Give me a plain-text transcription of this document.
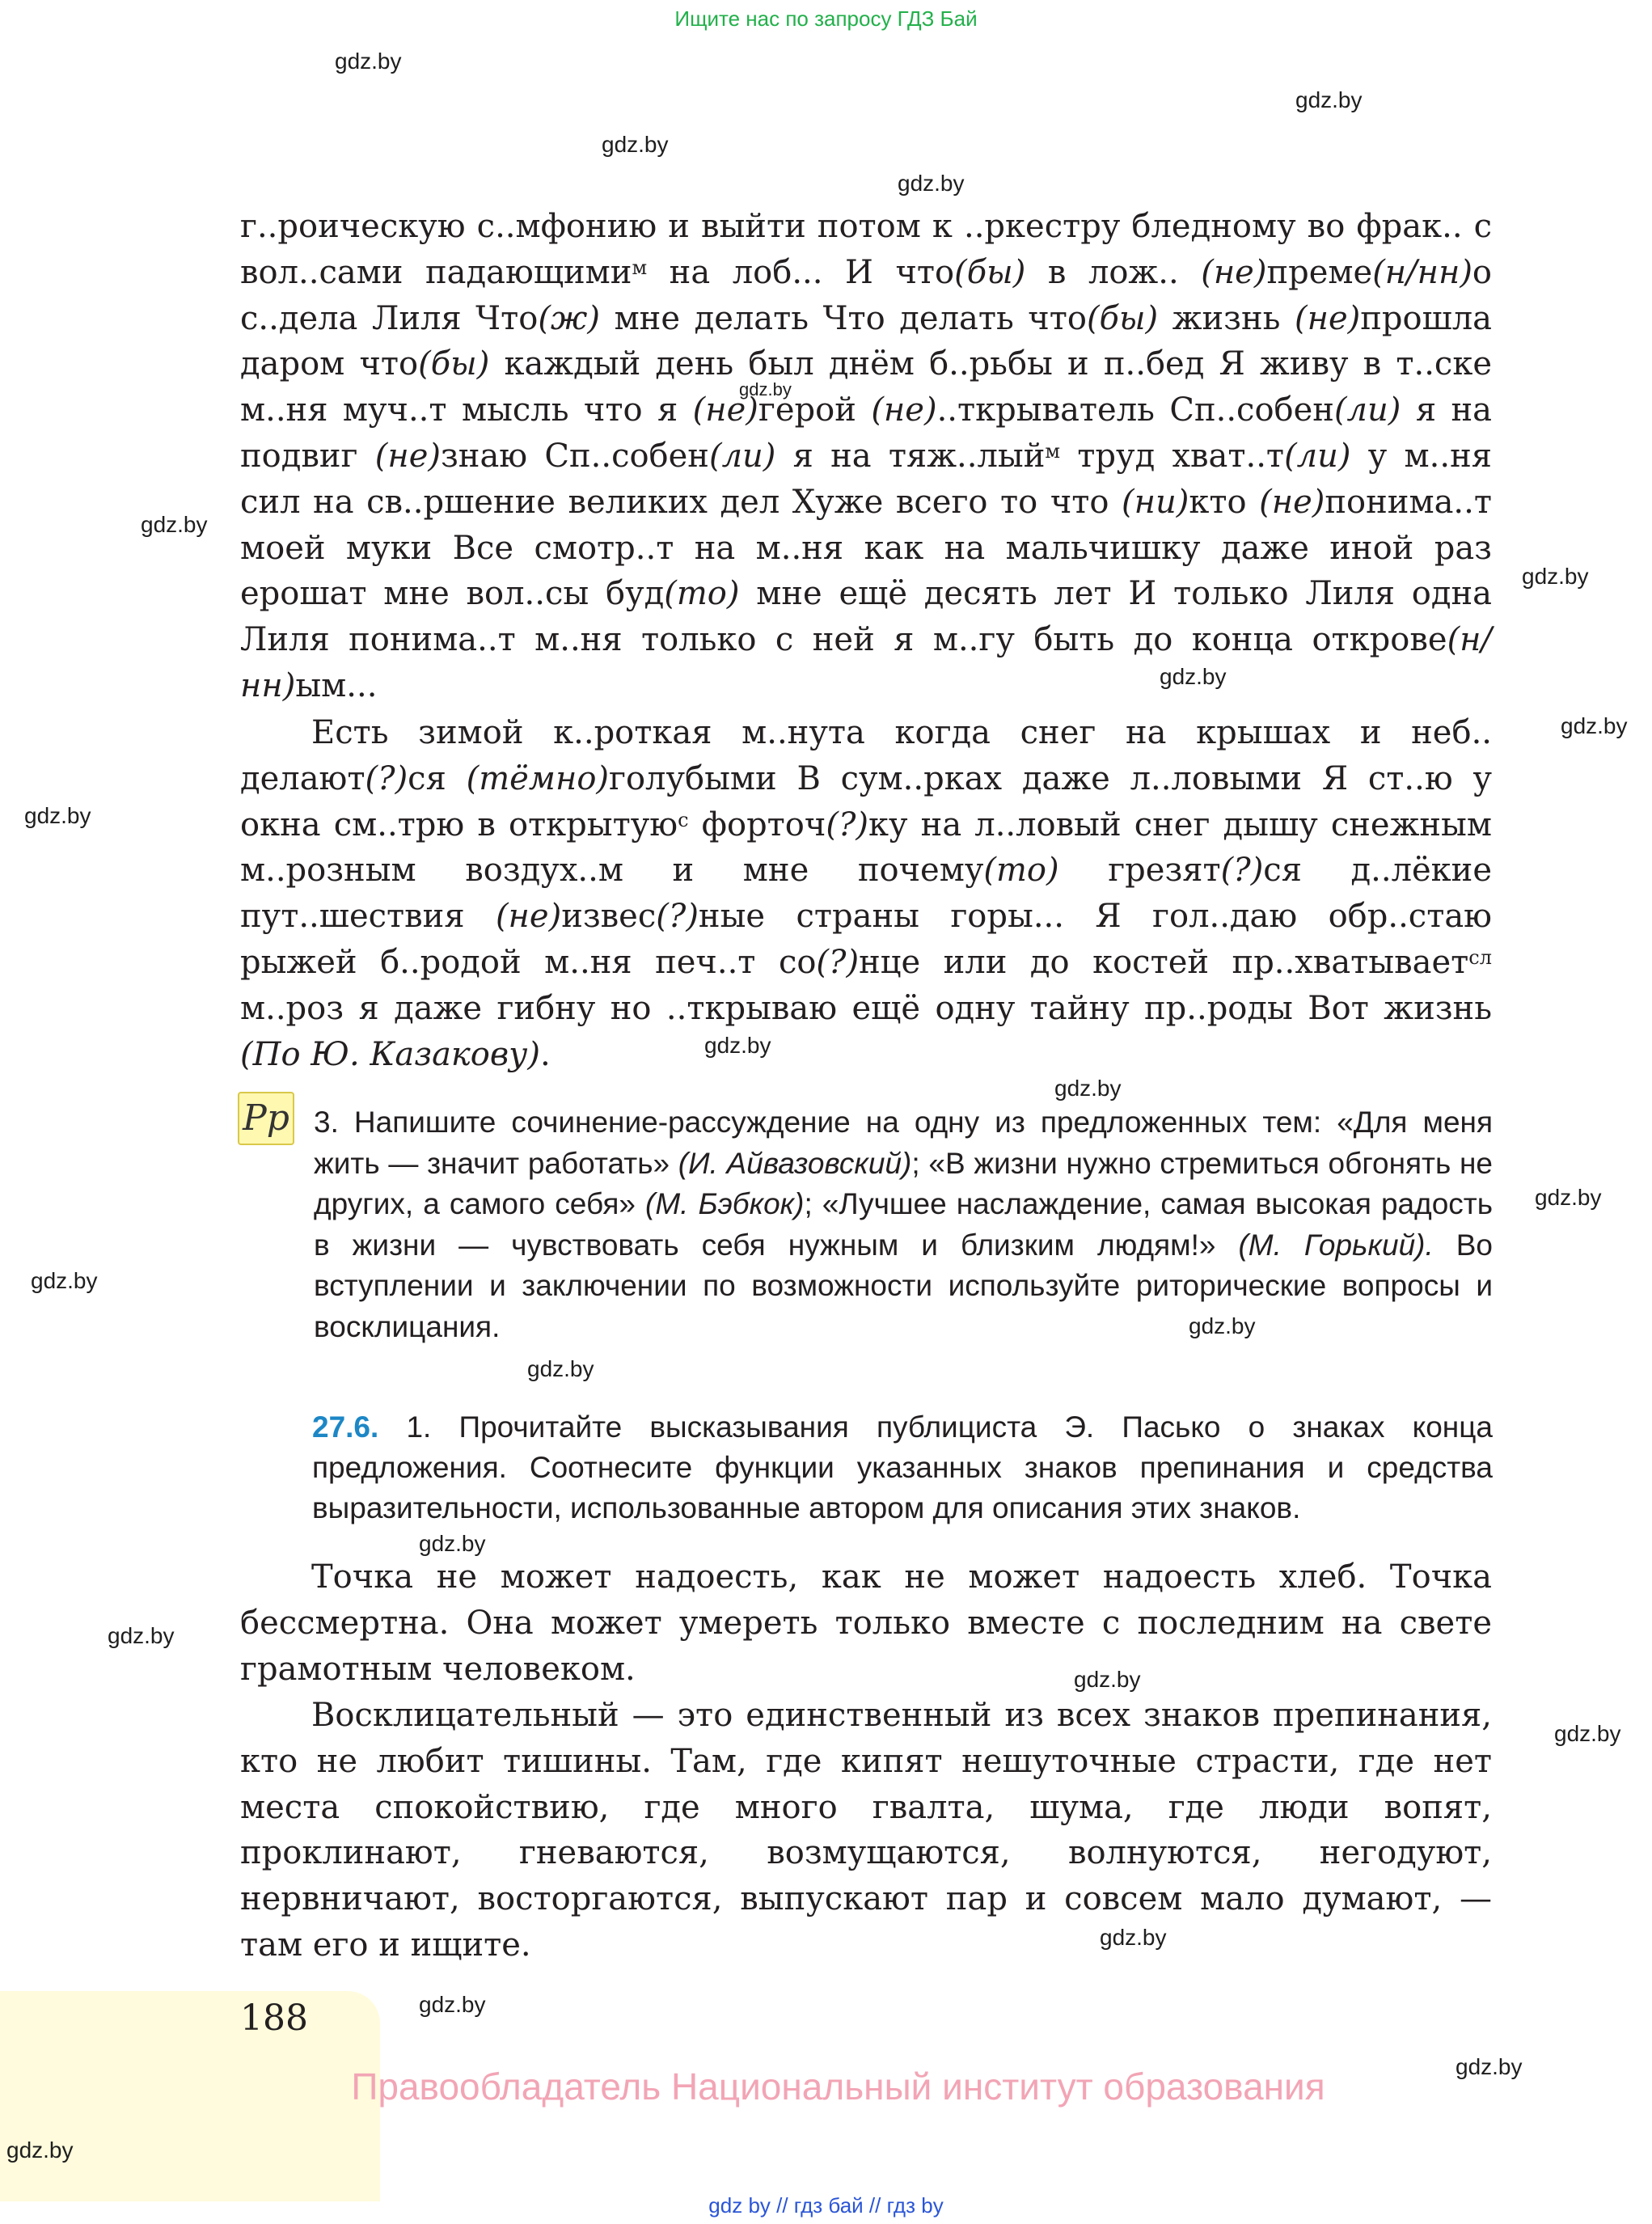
Ищите нас по запросу ГДЗ Бай
gdz.by
gdz.by
gdz.by
gdz.by
gdz.by
gdz.by
gdz.by
gdz.by
gdz.by
gdz.by
gdz.by
gdz.by
gdz.by
gdz.by
gdz.by
gdz.by
gdz.by
gdz.by
gdz.by
gdz.by
gdz.by

г..роическую с..мфонию и выйти потом к ..ркестру бледному во фрак.. с вол..сами падающими$^м$ на лоб... И что(бы) в лож.. (не)преме(н/нн)о с..дела Лиля Что(ж) мне делать Что делать что(бы) жизнь (не)прошла даром что(бы) каждый день был днём б..рьбы и п..бед Я живу в т..ске м..ня муч..т мысль что я (не)герой (не)..ткрыватель Сп..собен(ли) я на подвиг (не)знаю Сп..собен(ли) я на тяж..лый$^м$ труд хват..т(ли) у м..ня сил на св..ршение великих дел Хуже всего то что (ни)кто (не)понима..т моей муки Все смотр..т на м..ня как на мальчишку даже иной раз ерошат мне вол..сы буд(то) мне ещё десять лет И только Лиля одна Лиля понима..т м..ня только с ней я м..гу быть до конца открове(н/нн)ым...

Есть зимой к..роткая м..нута когда снег на крышах и неб.. делают(?)ся (тёмно)голубыми В сум..рках даже л..ловыми Я ст..ю у окна см..трю в открытую$^с$ форточ(?)ку на л..ловый снег дышу снежным м..розным воздух..м и мне почему(то) грезят(?)ся д..лёкие пут..шествия (не)извес(?)ные страны горы... Я гол..даю обр..стаю рыжей б..родой м..ня печ..т со(?)нце или до костей пр..хватывает$^{сл}$ м..роз я даже гибну но ..ткрываю ещё одну тайну пр..роды Вот жизнь (По Ю. Казакову).

Рр 3. Напишите сочинение-рассуждение на одну из предложенных тем: «Для меня жить — значит работать» (И. Айвазовский); «В жизни нужно стремиться обгонять не других, а самого себя» (М. Бэбкок); «Лучшее наслаждение, самая высокая радость в жизни — чувствовать себя нужным и близким людям!» (М. Горький). Во вступлении и заключении по возможности используйте риторические вопросы и восклицания.

27.6. 1. Прочитайте высказывания публициста Э. Пасько о знаках конца предложения. Соотнесите функции указанных знаков препинания и средства выразительности, использованные автором для описания этих знаков.

Точка не может надоесть, как не может надоесть хлеб. Точка бессмертна. Она может умереть только вместе с последним на свете грамотным человеком.

Восклицательный — это единственный из всех знаков препинания, кто не любит тишины. Там, где кипят нешуточные страсти, где нет места спокойствию, где много гвалта, шума, где люди вопят, проклинают, гневаются, возмущаются, волнуются, негодуют, нервничают, восторгаются, выпускают пар и совсем мало думают, — там его и ищите.

188	gdz.by
gdz.by
gdz.by
Правообладатель Национальный институт образования
gdz by // гдз бай // гдз by
